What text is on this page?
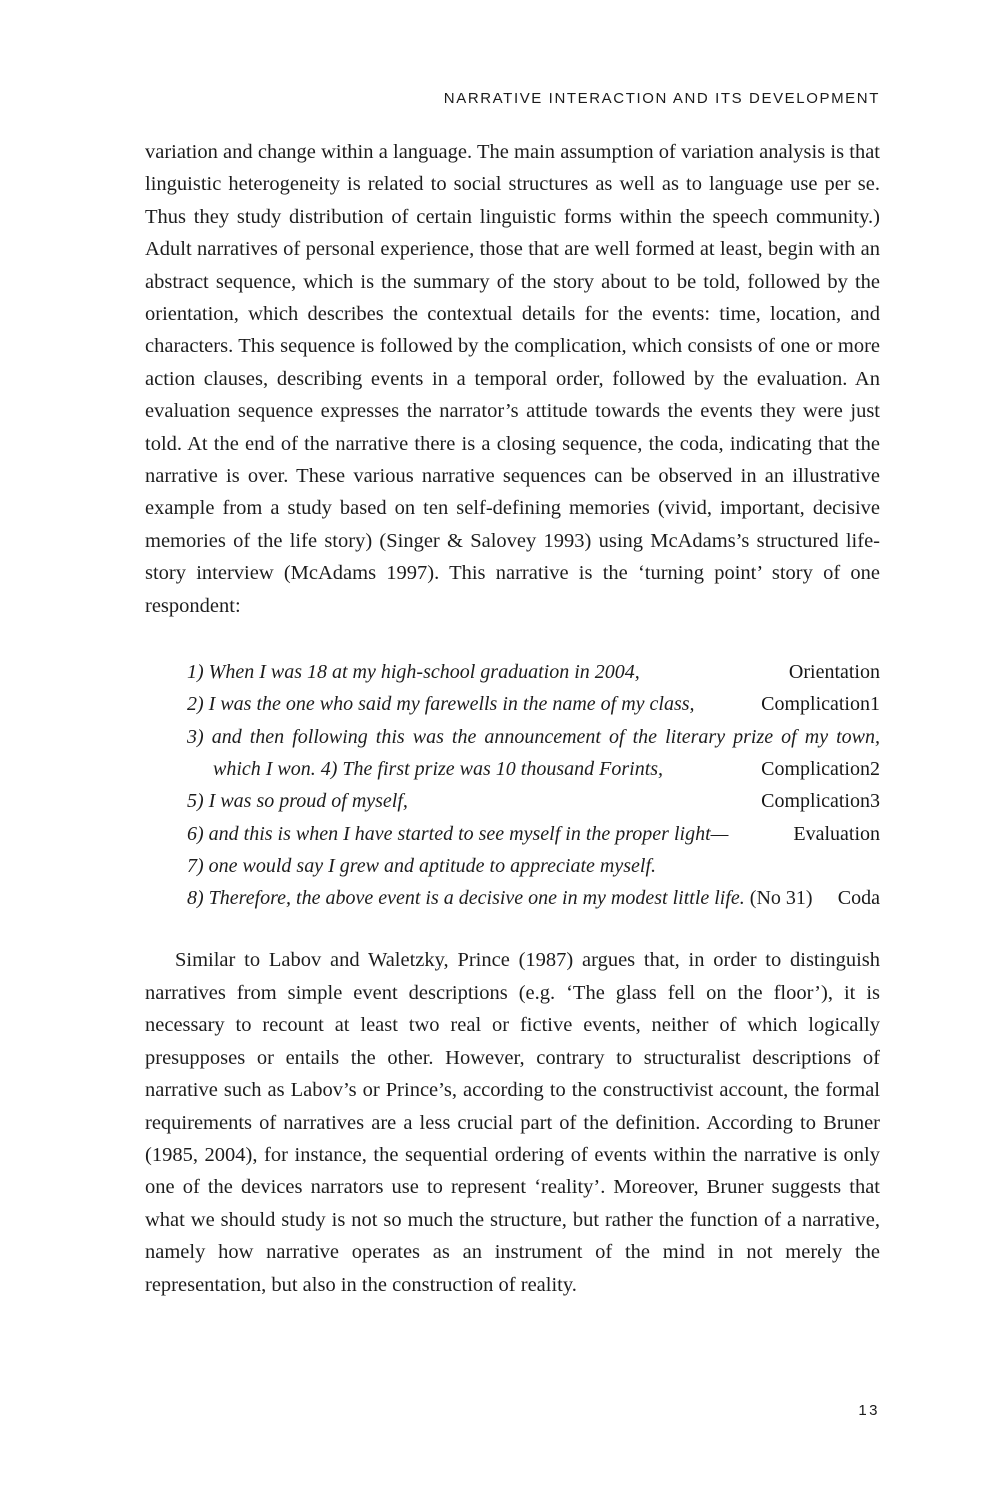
NARRATIVE INTERACTION AND ITS DEVELOPMENT

variation and change within a language. The main assumption of variation analysis is that linguistic heterogeneity is related to social structures as well as to language use per se. Thus they study distribution of certain linguistic forms within the speech community.) Adult narratives of personal experience, those that are well formed at least, begin with an abstract sequence, which is the summary of the story about to be told, followed by the orientation, which describes the contextual details for the events: time, location, and characters. This sequence is followed by the complication, which consists of one or more action clauses, describing events in a temporal order, followed by the evaluation. An evaluation sequence expresses the narrator’s attitude towards the events they were just told. At the end of the narrative there is a closing sequence, the coda, indicating that the narrative is over. These various narrative sequences can be observed in an illustrative example from a study based on ten self-defining memories (vivid, important, decisive memories of the life story) (Singer & Salovey 1993) using McAdams’s structured life-story interview (McAdams 1997). This narrative is the ‘turning point’ story of one respondent:

1) When I was 18 at my high-school graduation in 2004,	Orientation

2) I was the one who said my farewells in the name of my class,	Complication1

3) and then following this was the announcement of the literary prize of my town, which I won. 4) The first prize was 10 thousand Forints,	Complication2

5) I was so proud of myself,	Complication3

6) and this is when I have started to see myself in the proper light—	Evaluation

7) one would say I grew and aptitude to appreciate myself.

8) Therefore, the above event is a decisive one in my modest little life. (No 31)	Coda

Similar to Labov and Waletzky, Prince (1987) argues that, in order to distinguish narratives from simple event descriptions (e.g. ‘The glass fell on the floor’), it is necessary to recount at least two real or fictive events, neither of which logically presupposes or entails the other. However, contrary to structuralist descriptions of narrative such as Labov’s or Prince’s, according to the constructivist account, the formal requirements of narratives are a less crucial part of the definition. According to Bruner (1985, 2004), for instance, the sequential ordering of events within the narrative is only one of the devices narrators use to represent ‘reality’. Moreover, Bruner suggests that what we should study is not so much the structure, but rather the function of a narrative, namely how narrative operates as an instrument of the mind in not merely the representation, but also in the construction of reality.

13
